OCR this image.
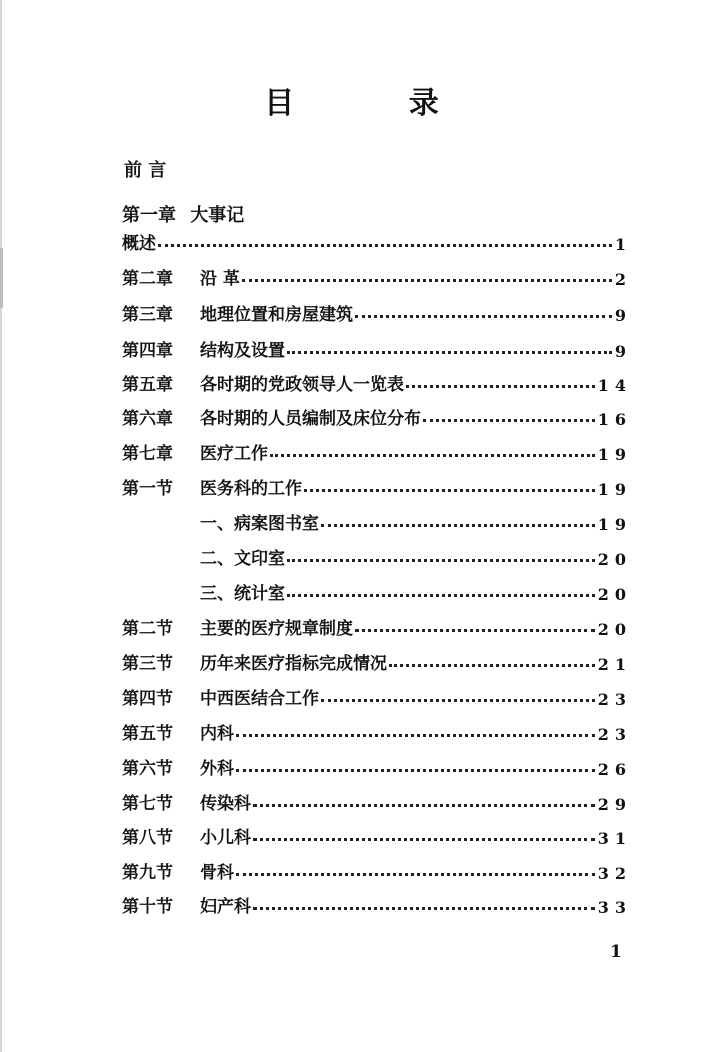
目 录
前 言
第一章 大事记
概述	1
第二章	沿 革	2
第三章	地理位置和房屋建筑	9
第四章	结构及设置	9
第五章	各时期的党政领导人一览表	14
第六章	各时期的人员编制及床位分布	16
第七章	医疗工作	19
第一节	医务科的工作	19
一、病案图书室	19
二、文印室	20
三、统计室	20
第二节	主要的医疗规章制度	20
第三节	历年来医疗指标完成情况	21
第四节	中西医结合工作	23
第五节	内科	23
第六节	外科	26
第七节	传染科	29
第八节	小儿科	31
第九节	骨科	32
第十节	妇产科	33
1
